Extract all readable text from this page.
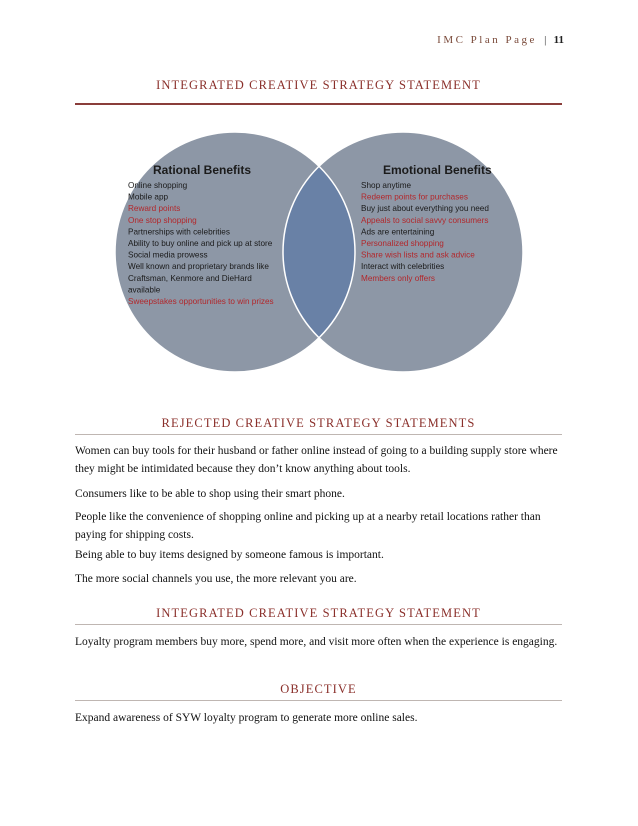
IMC Plan Page | 11
INTEGRATED CREATIVE STRATEGY STATEMENT
Rational Benefits
Online shopping
Mobile app
Reward points
One stop shopping
Partnerships with celebrities
Ability to buy online and pick up at store
Social media prowess
Well known and proprietary brands like
Craftsman, Kenmore and DieHard
available
Sweepstakes opportunities to win prizes
Emotional Benefits
Shop anytime
Redeem points for purchases
Buy just about everything you need
Appeals to social savvy consumers
Ads are entertaining
Personalized shopping
Share wish lists and ask advice
Interact with celebrities
Members only offers
REJECTED CREATIVE STRATEGY STATEMENTS
Women can buy tools for their husband or father online instead of going to a building supply store where they might be intimidated because they don’t know anything about tools.
Consumers like to be able to shop using their smart phone.
People like the convenience of shopping online and picking up at a nearby retail locations rather than paying for shipping costs.
Being able to buy items designed by someone famous is important.
The more social channels you use, the more relevant you are.
INTEGRATED CREATIVE STRATEGY STATEMENT
Loyalty program members buy more, spend more, and visit more often when the experience is engaging.
OBJECTIVE
Expand awareness of SYW loyalty program to generate more online sales.
